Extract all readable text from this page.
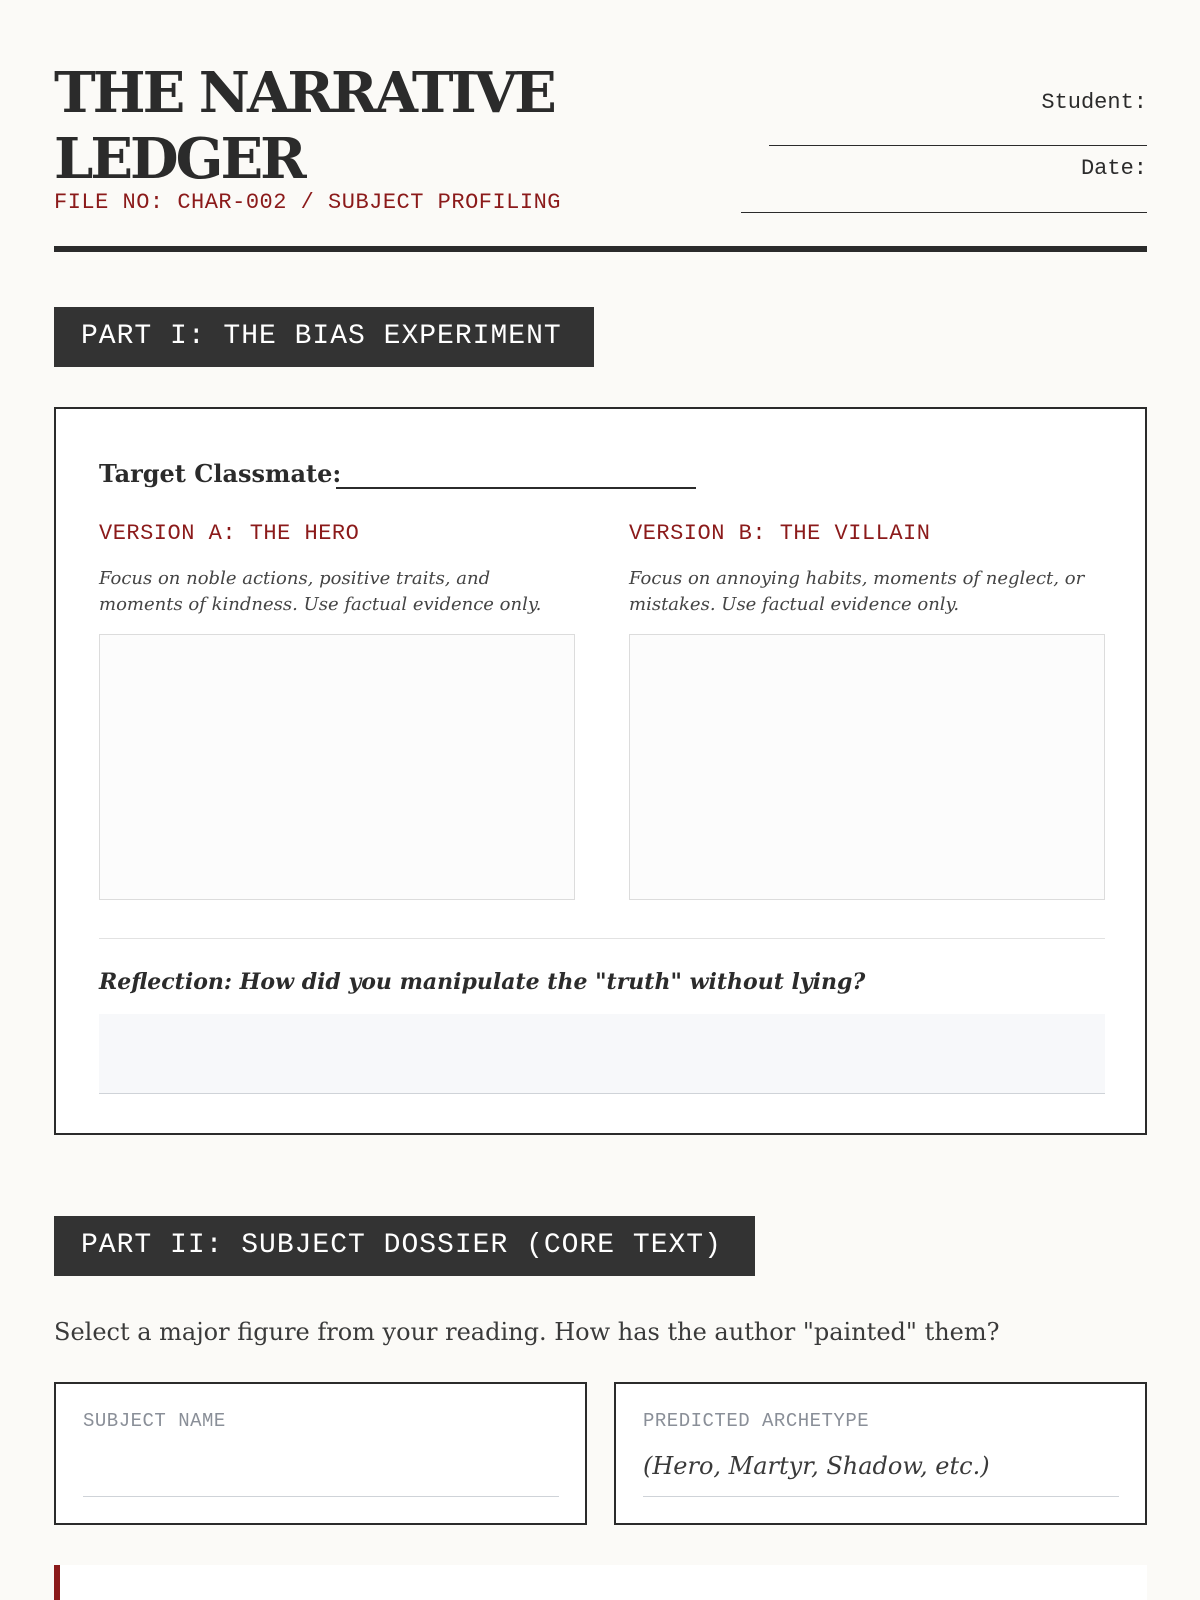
THE NARRATIVE
LEDGER
FILE NO: CHAR-002 / SUBJECT PROFILING
Student:
Date:
PART I: THE BIAS EXPERIMENT
Target Classmate:
VERSION A: THE HERO
Focus on noble actions, positive traits, and moments of kindness. Use factual evidence only.
VERSION B: THE VILLAIN
Focus on annoying habits, moments of neglect, or mistakes. Use factual evidence only.
Reflection: How did you manipulate the "truth" without lying?
PART II: SUBJECT DOSSIER (CORE TEXT)
Select a major figure from your reading. How has the author "painted" them?
SUBJECT NAME	PREDICTED ARCHETYPE
(Hero, Martyr, Shadow, etc.)
